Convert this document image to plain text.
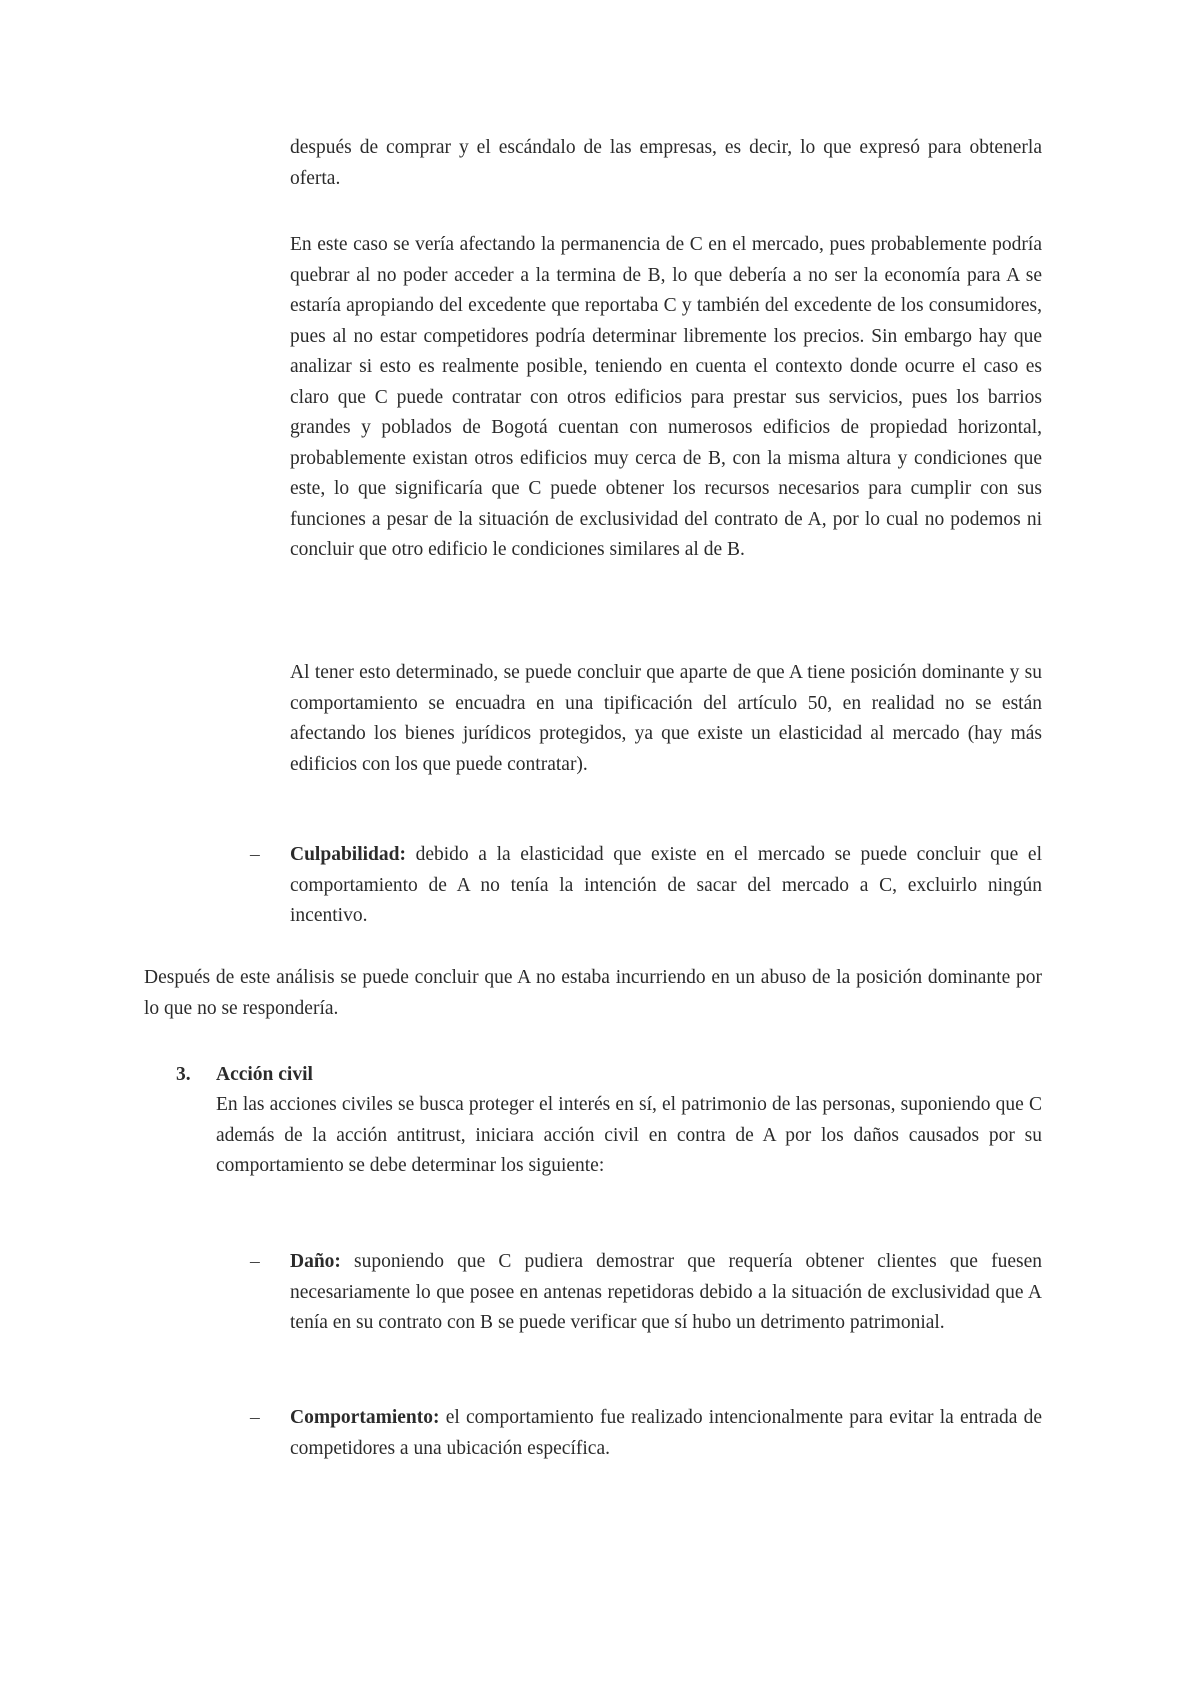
después de comprar y el escándalo de las empresas, es decir, lo que expresó para obtenerla oferta.

En este caso se vería afectando la permanencia de C en el mercado, pues probablemente podría quebrar al no poder acceder a la termina de B, lo que debería a no ser la economía para A se estaría apropiando del excedente que reportaba C y también del excedente de los consumidores, pues al no estar competidores podría determinar libremente los precios. Sin embargo hay que analizar si esto es realmente posible, teniendo en cuenta el contexto donde ocurre el caso es claro que C puede contratar con otros edificios para prestar sus servicios, pues los barrios grandes y poblados de Bogotá cuentan con numerosos edificios de propiedad horizontal, probablemente existan otros edificios muy cerca de B, con la misma altura y condiciones que este, lo que significaría que C puede obtener los recursos necesarios para cumplir con sus funciones a pesar de la situación de exclusividad del contrato de A, por lo cual no podemos ni concluir que otro edificio le condiciones similares al de B.

Al tener esto determinado, se puede concluir que aparte de que A tiene posición dominante y su comportamiento se encuadra en una tipificación del artículo 50, en realidad no se están afectando los bienes jurídicos protegidos, ya que existe un elasticidad al mercado (hay más edificios con los que puede contratar).

–	Culpabilidad: debido a la elasticidad que existe en el mercado se puede concluir que el comportamiento de A no tenía la intención de sacar del mercado a C, excluirlo ningún incentivo.

Después de este análisis se puede concluir que A no estaba incurriendo en un abuso de la posición dominante por lo que no se respondería.

3. Acción civil

En las acciones civiles se busca proteger el interés en sí, el patrimonio de las personas, suponiendo que C además de la acción antitrust, iniciara acción civil en contra de A por los daños causados por su comportamiento se debe determinar los siguiente:

–	Daño: suponiendo que C pudiera demostrar que requería obtener clientes que fuesen necesariamente lo que posee en antenas repetidoras debido a la situación de exclusividad que A tenía en su contrato con B se puede verificar que sí hubo un detrimento patrimonial.

–	Comportamiento: el comportamiento fue realizado intencionalmente para evitar la entrada de competidores a una ubicación específica.
